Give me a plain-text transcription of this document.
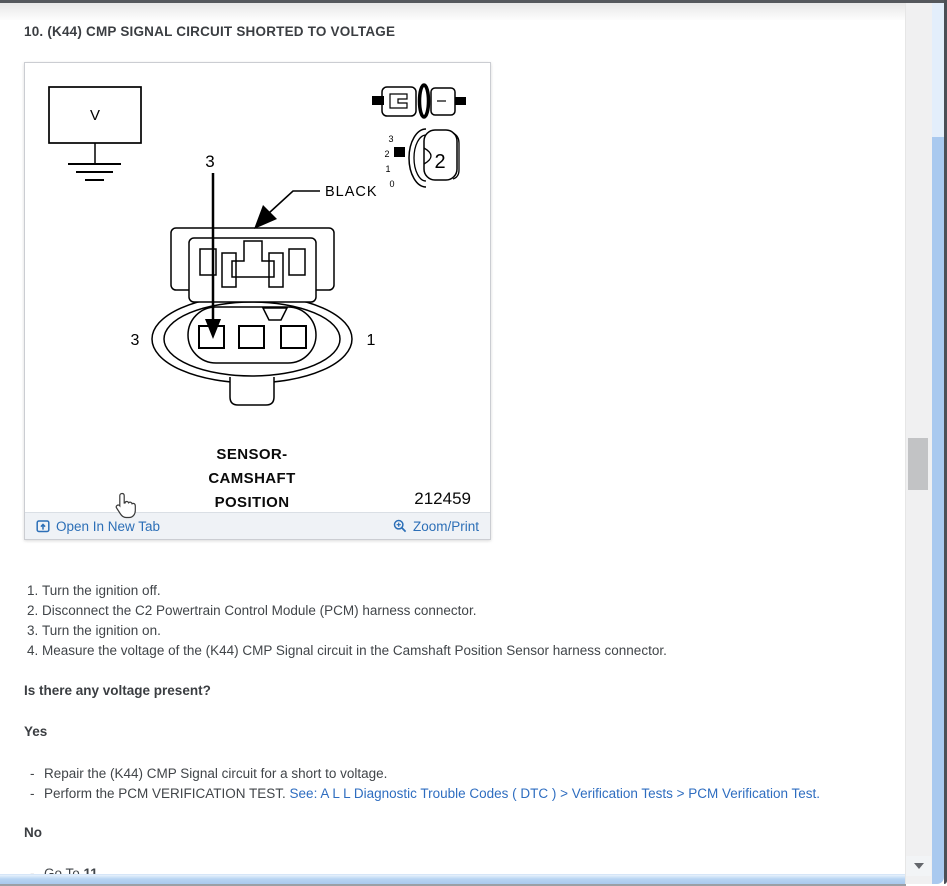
10. (K44) CMP SIGNAL CIRCUIT SHORTED TO VOLTAGE
V
3	1
3
BLACK
3
2
1
0
2
SENSOR-
CAMSHAFT
POSITION	212459
Open In New Tab	Zoom/Print
1. Turn the ignition off.
2. Disconnect the C2 Powertrain Control Module (PCM) harness connector.
3. Turn the ignition on.
4. Measure the voltage of the (K44) CMP Signal circuit in the Camshaft Position Sensor harness connector.

Is there any voltage present?

Yes

- Repair the (K44) CMP Signal circuit for a short to voltage.
- Perform the PCM VERIFICATION TEST. See: A L L Diagnostic Trouble Codes ( DTC ) > Verification Tests > PCM Verification Test.

No
